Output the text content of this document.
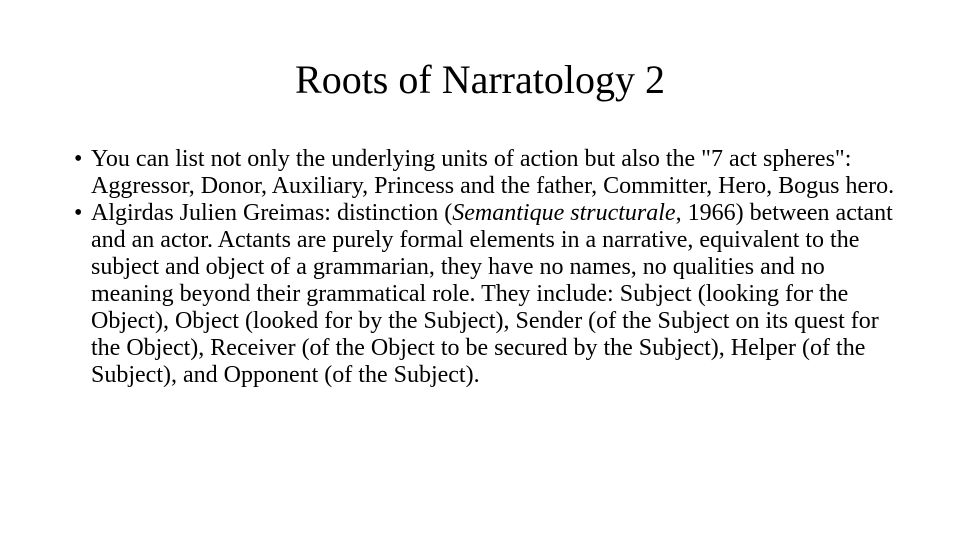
Roots of Narratology 2
• You can list not only the underlying units of action but also the "7 act spheres": Aggressor, Donor, Auxiliary, Princess and the father, Committer, Hero, Bogus hero.
• Algirdas Julien Greimas: distinction (Semantique structurale, 1966) between actant and an actor. Actants are purely formal elements in a narrative, equivalent to the subject and object of a grammarian, they have no names, no qualities and no meaning beyond their grammatical role. They include: Subject (looking for the Object), Object (looked for by the Subject), Sender (of the Subject on its quest for the Object), Receiver (of the Object to be secured by the Subject), Helper (of the Subject), and Opponent (of the Subject).
